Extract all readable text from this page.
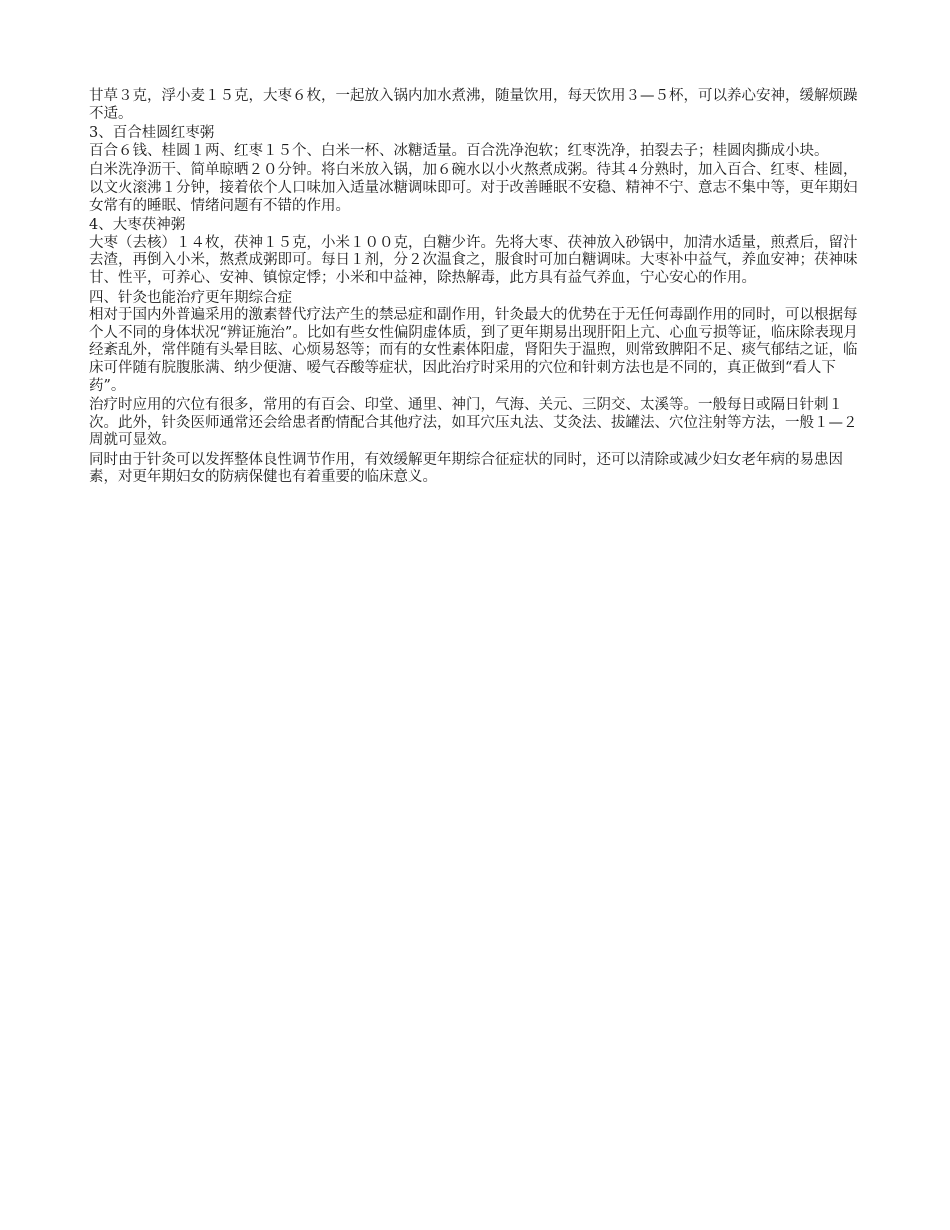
甘草３克，浮小麦１５克，大枣６枚，一起放入锅内加水煮沸，随量饮用，每天饮用３—５杯，可以养心安神，缓解烦躁不适。

3、百合桂圆红枣粥

百合６钱、桂圆１两、红枣１５个、白米一杯、冰糖适量。百合洗净泡软；红枣洗净，拍裂去子；桂圆肉撕成小块。

白米洗净沥干、简单晾晒２０分钟。将白米放入锅，加６碗水以小火熬煮成粥。待其４分熟时，加入百合、红枣、桂圆，以文火滚沸１分钟，接着依个人口味加入适量冰糖调味即可。对于改善睡眠不安稳、精神不宁、意志不集中等，更年期妇女常有的睡眠、情绪问题有不错的作用。

4、大枣茯神粥

大枣（去核）１４枚，茯神１５克，小米１００克，白糖少许。先将大枣、茯神放入砂锅中，加清水适量，煎煮后，留汁去渣，再倒入小米，熬煮成粥即可。每日１剂，分２次温食之，服食时可加白糖调味。大枣补中益气，养血安神；茯神味甘、性平，可养心、安神、镇惊定悸；小米和中益神，除热解毒，此方具有益气养血，宁心安心的作用。

四、针灸也能治疗更年期综合症

相对于国内外普遍采用的激素替代疗法产生的禁忌症和副作用，针灸最大的优势在于无任何毒副作用的同时，可以根据每个人不同的身体状况“辨证施治”。比如有些女性偏阴虚体质，到了更年期易出现肝阳上亢、心血亏损等证，临床除表现月经紊乱外，常伴随有头晕目眩、心烦易怒等；而有的女性素体阳虚，肾阳失于温煦，则常致脾阳不足、痰气郁结之证，临床可伴随有脘腹胀满、纳少便溏、嗳气吞酸等症状，因此治疗时采用的穴位和针刺方法也是不同的，真正做到“看人下药”。

治疗时应用的穴位有很多，常用的有百会、印堂、通里、神门，气海、关元、三阴交、太溪等。一般每日或隔日针刺１次。此外，针灸医师通常还会给患者酌情配合其他疗法，如耳穴压丸法、艾灸法、拔罐法、穴位注射等方法，一般１—２周就可显效。

同时由于针灸可以发挥整体良性调节作用，有效缓解更年期综合征症状的同时，还可以清除或减少妇女老年病的易患因素，对更年期妇女的防病保健也有着重要的临床意义。
